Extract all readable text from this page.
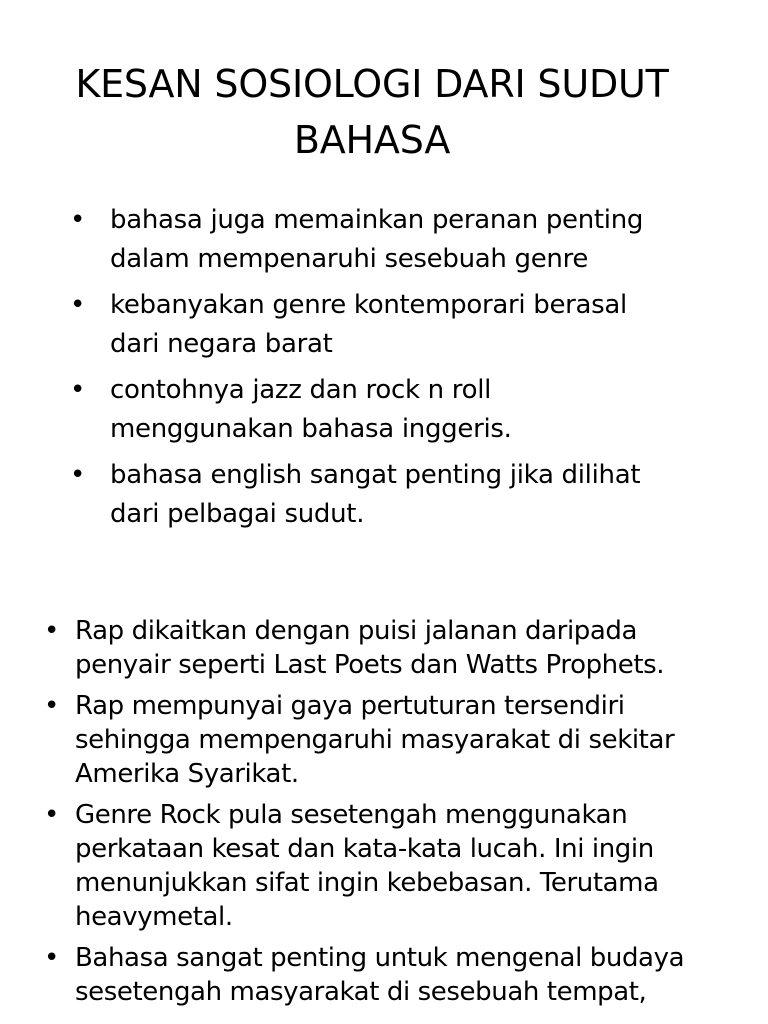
KESAN SOSIOLOGI DARI SUDUT
BAHASA
• bahasa juga memainkan peranan penting
dalam mempenaruhi sesebuah genre
• kebanyakan genre kontemporari berasal
dari negara barat
• contohnya jazz dan rock n roll
menggunakan bahasa inggeris.
• bahasa english sangat penting jika dilihat
dari pelbagai sudut.
• Rap dikaitkan dengan puisi jalanan daripada
penyair seperti Last Poets dan Watts Prophets.
• Rap mempunyai gaya pertuturan tersendiri
sehingga mempengaruhi masyarakat di sekitar
Amerika Syarikat.
• Genre Rock pula sesetengah menggunakan
perkataan kesat dan kata-kata lucah. Ini ingin
menunjukkan sifat ingin kebebasan. Terutama
heavymetal.
• Bahasa sangat penting untuk mengenal budaya
sesetengah masyarakat di sesebuah tempat,
